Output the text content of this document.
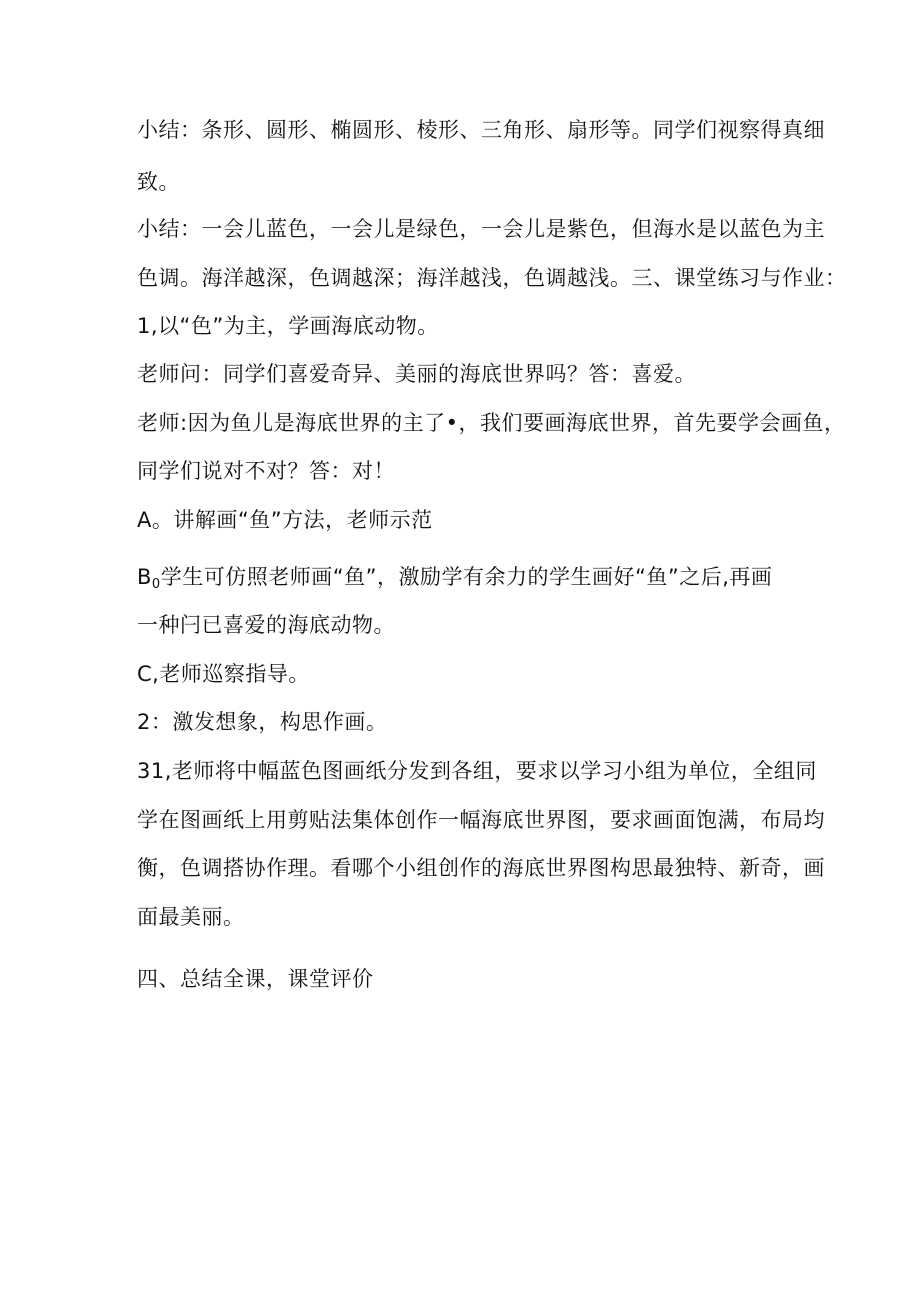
小结：条形、圆形、椭圆形、棱形、三角形、扇形等。同学们视察得真细
致。
小结：一会儿蓝色，一会儿是绿色，一会儿是紫色，但海水是以蓝色为主
色调。海洋越深，色调越深；海洋越浅，色调越浅。三、课堂练习与作业：
1,以“色”为主，学画海底动物。
老师问：同学们喜爱奇异、美丽的海底世界吗？答：喜爱。
老师:因为鱼儿是海底世界的主了•，我们要画海底世界，首先要学会画鱼，
同学们说对不对？答：对！
A。讲解画“鱼”方法，老师示范
$B_0$学生可仿照老师画“鱼”，激励学有余力的学生画好“鱼”之后,再画
一种闩已喜爱的海底动物。
C,老师巡察指导。
2：激发想象，构思作画。
31,老师将中幅蓝色图画纸分发到各组，要求以学习小组为单位，全组同
学在图画纸上用剪贴法集体创作一幅海底世界图，要求画面饱满，布局均
衡，色调搭协作理。看哪个小组创作的海底世界图构思最独特、新奇，画
面最美丽。
四、总结全课，课堂评价
